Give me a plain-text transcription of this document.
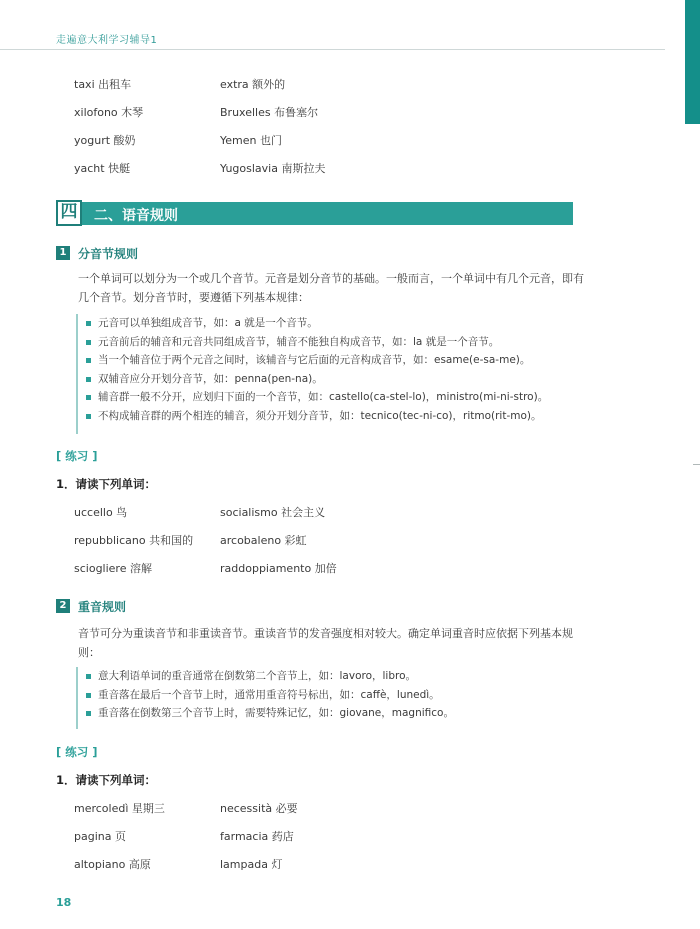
走遍意大利学习辅导1
taxi 出租车	extra 额外的
xilofono 木琴	Bruxelles 布鲁塞尔
yogurt 酸奶	Yemen 也门
yacht 快艇	Yugoslavia 南斯拉夫
四	二、语音规则
1 分音节规则
一个单词可以划分为一个或几个音节。元音是划分音节的基础。一般而言，一个单词中有几个元音，即有几个音节。划分音节时，要遵循下列基本规律：
元音可以单独组成音节，如：a 就是一个音节。
元音前后的辅音和元音共同组成音节，辅音不能独自构成音节，如：la 就是一个音节。
当一个辅音位于两个元音之间时，该辅音与它后面的元音构成音节，如：esame(e-sa-me)。
双辅音应分开划分音节，如：penna(pen-na)。
辅音群一般不分开，应划归下面的一个音节，如：castello(ca-stel-lo)，ministro(mi-ni-stro)。
不构成辅音群的两个相连的辅音，须分开划分音节，如：tecnico(tec-ni-co)，ritmo(rit-mo)。
[ 练习 ]
1．请读下列单词：
uccello 鸟	socialismo 社会主义
repubblicano 共和国的 arcobaleno 彩虹
sciogliere 溶解	raddoppiamento 加倍
2 重音规则
音节可分为重读音节和非重读音节。重读音节的发音强度相对较大。确定单词重音时应依据下列基本规则：
意大利语单词的重音通常在倒数第二个音节上，如：lavoro，libro。
重音落在最后一个音节上时，通常用重音符号标出，如：caffè，lunedì。
重音落在倒数第三个音节上时，需要特殊记忆，如：giovane，magnifico。
[ 练习 ]
1．请读下列单词：
mercoledì 星期三	necessità 必要
pagina 页	farmacia 药店
altopiano 高原	lampada 灯
18
